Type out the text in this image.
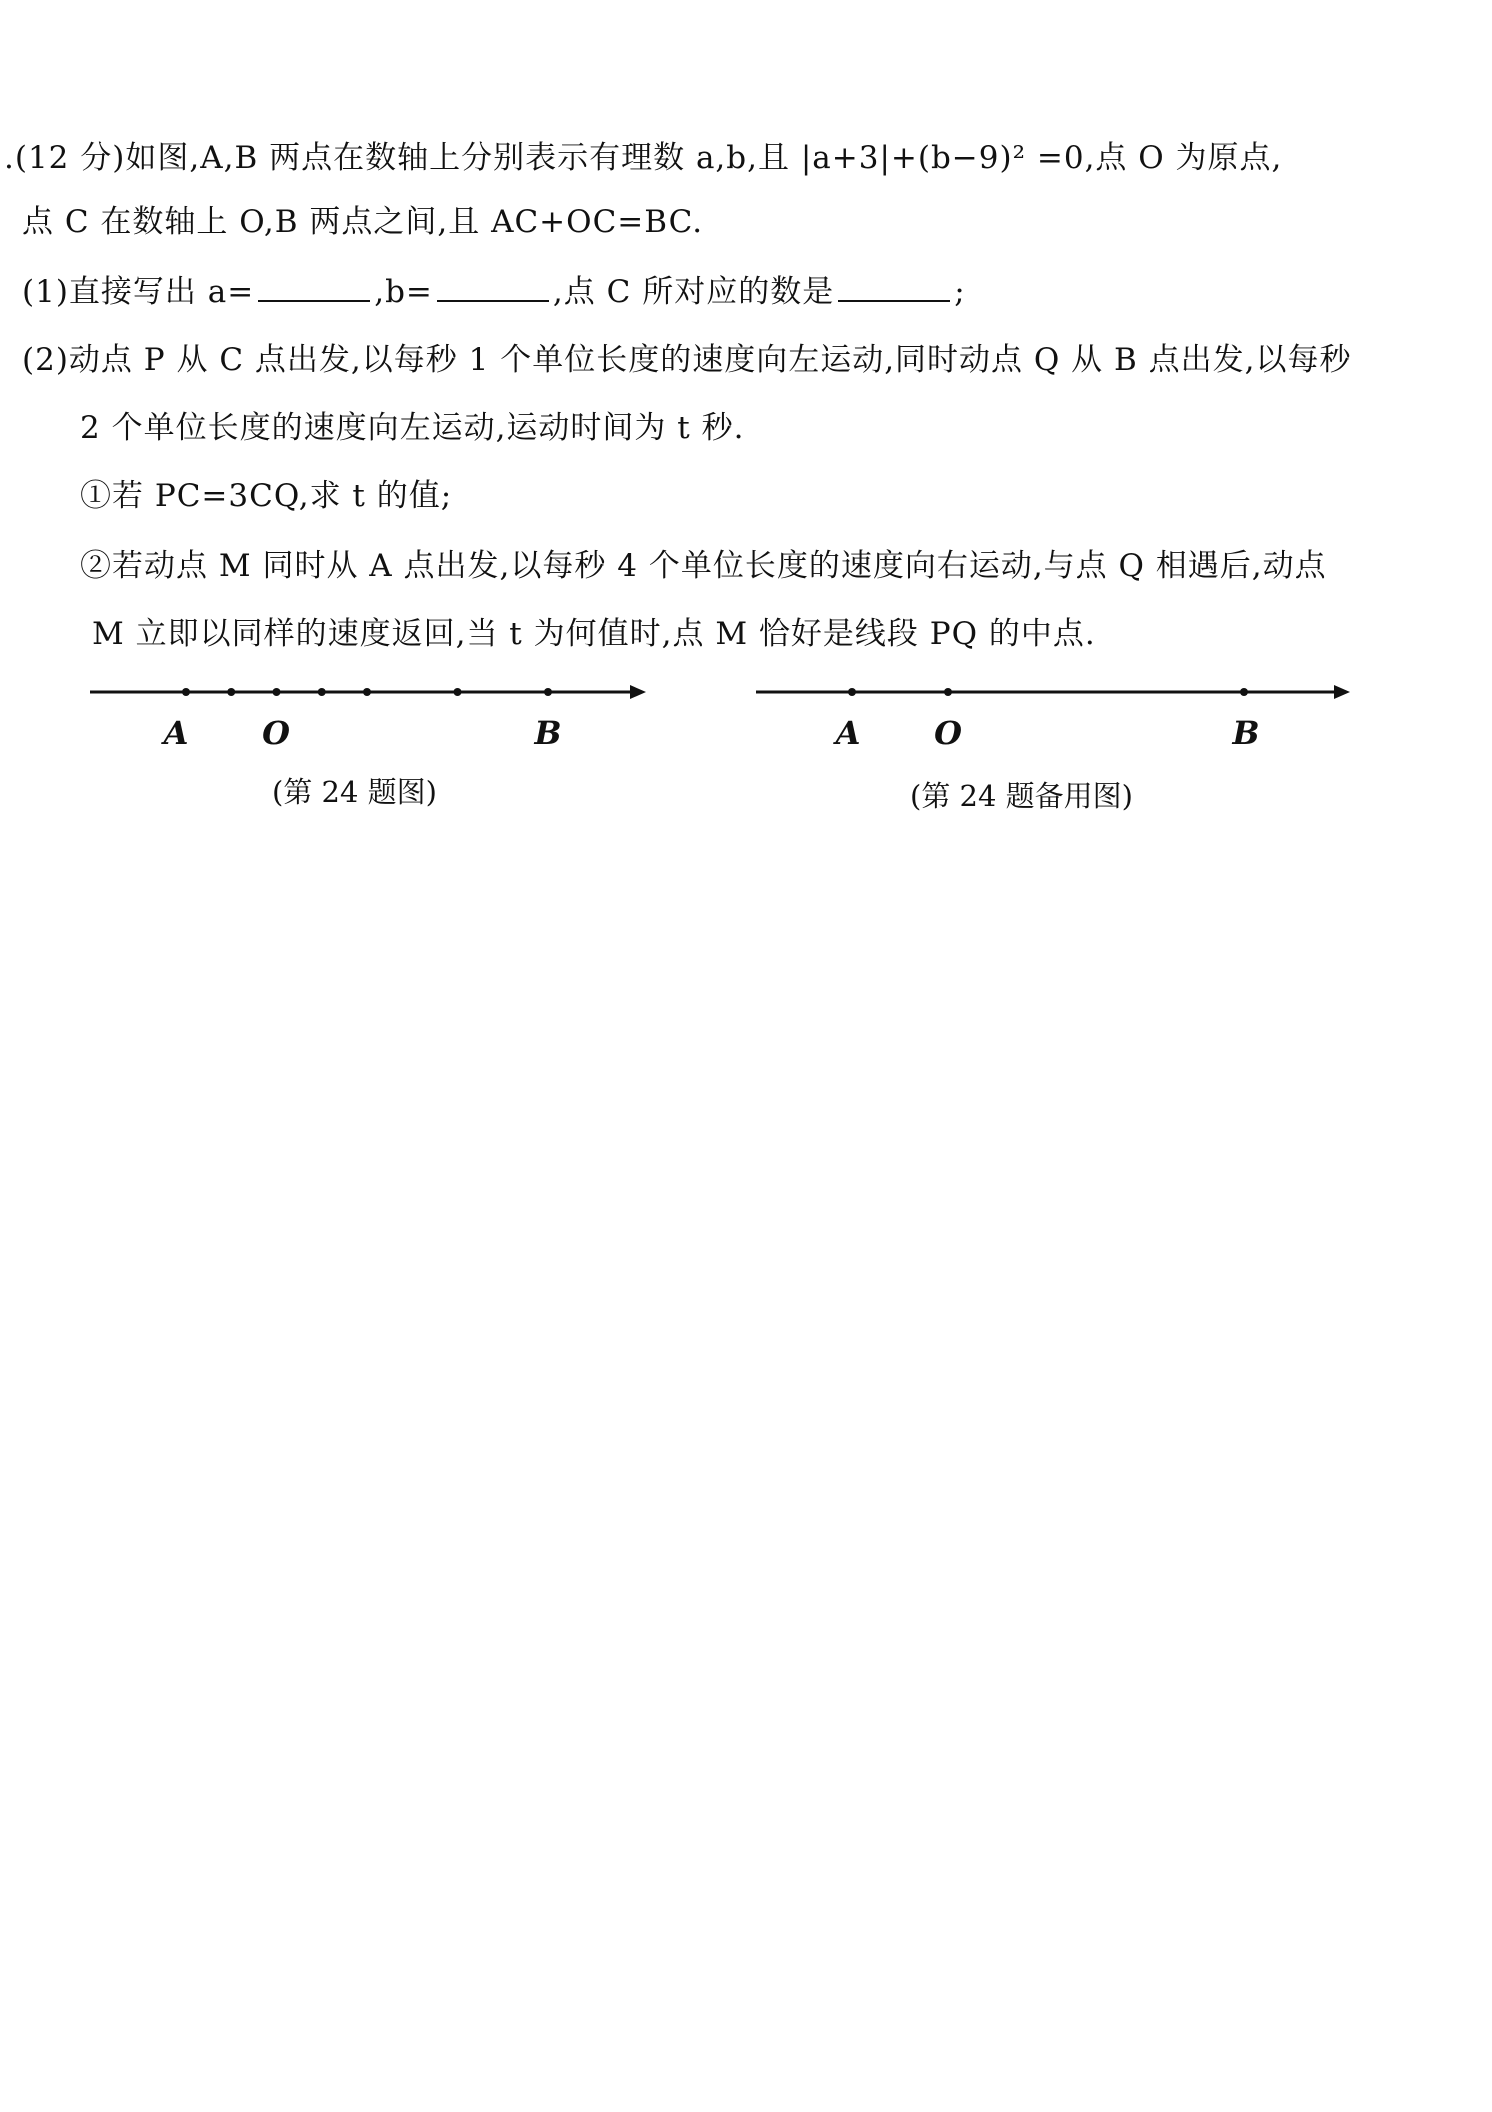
.(12 分)如图,A,B 两点在数轴上分别表示有理数 a,b,且 |a+3|+(b−9)² =0,点 O 为原点,
点 C 在数轴上 O,B 两点之间,且 AC+OC=BC.
(1)直接写出 a=	,b=	,点 C 所对应的数是	;
(2)动点 P 从 C 点出发,以每秒 1 个单位长度的速度向左运动,同时动点 Q 从 B 点出发,以每秒
2 个单位长度的速度向左运动,运动时间为 t 秒.
①若 PC=3CQ,求 t 的值;
②若动点 M 同时从 A 点出发,以每秒 4 个单位长度的速度向右运动,与点 Q 相遇后,动点
M 立即以同样的速度返回,当 t 为何值时,点 M 恰好是线段 PQ 的中点.
A O	B
(第 24 题图)
A O	B
(第 24 题备用图)
